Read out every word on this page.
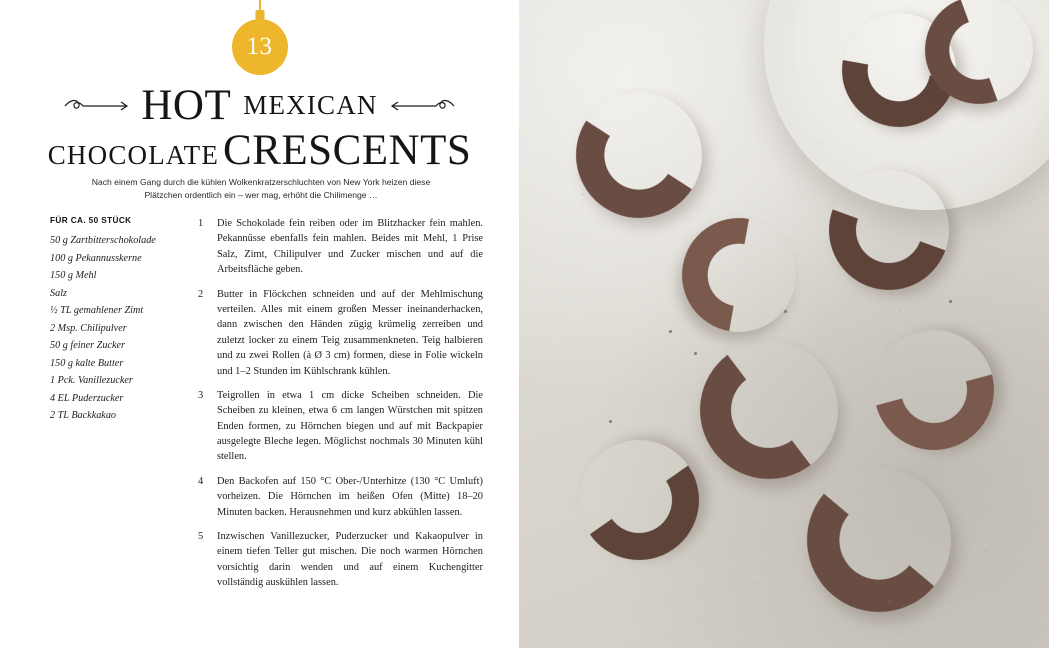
13
HOT MEXICAN
CHOCOLATE CRESCENTS
Nach einem Gang durch die kühlen Wolkenkratzerschluchten von New York heizen diese Plätzchen ordentlich ein – wer mag, erhöht die Chilimenge …
FÜR CA. 50 STÜCK
50 g Zartbitterschokolade
100 g Pekannusskerne
150 g Mehl
Salz
½ TL gemahlener Zimt
2 Msp. Chilipulver
50 g feiner Zucker
150 g kalte Butter
1 Pck. Vanillezucker
4 EL Puderzucker
2 TL Backkakao
1	Die Schokolade fein reiben oder im Blitzhacker fein mahlen. Pekannüsse ebenfalls fein mahlen. Beides mit Mehl, 1 Prise Salz, Zimt, Chilipulver und Zucker mischen und auf die Arbeitsfläche geben.
2	Butter in Flöckchen schneiden und auf der Mehlmischung verteilen. Alles mit einem großen Messer ineinanderhacken, dann zwischen den Händen zügig krümelig zerreiben und zuletzt locker zu einem Teig zusammenkneten. Teig halbieren und zu zwei Rollen (à Ø 3 cm) formen, diese in Folie wickeln und 1–2 Stunden im Kühlschrank kühlen.
3	Teigrollen in etwa 1 cm dicke Scheiben schneiden. Die Scheiben zu kleinen, etwa 6 cm langen Würstchen mit spitzen Enden formen, zu Hörnchen biegen und auf mit Backpapier ausgelegte Bleche legen. Möglichst nochmals 30 Minuten kühl stellen.
4	Den Backofen auf 150 °C Ober-/Unterhitze (130 °C Umluft) vorheizen. Die Hörnchen im heißen Ofen (Mitte) 18–20 Minuten backen. Herausnehmen und kurz abkühlen lassen.
5	Inzwischen Vanillezucker, Puderzucker und Kakaopulver in einem tiefen Teller gut mischen. Die noch warmen Hörnchen vorsichtig darin wenden und auf einem Kuchengitter vollständig auskühlen lassen.
